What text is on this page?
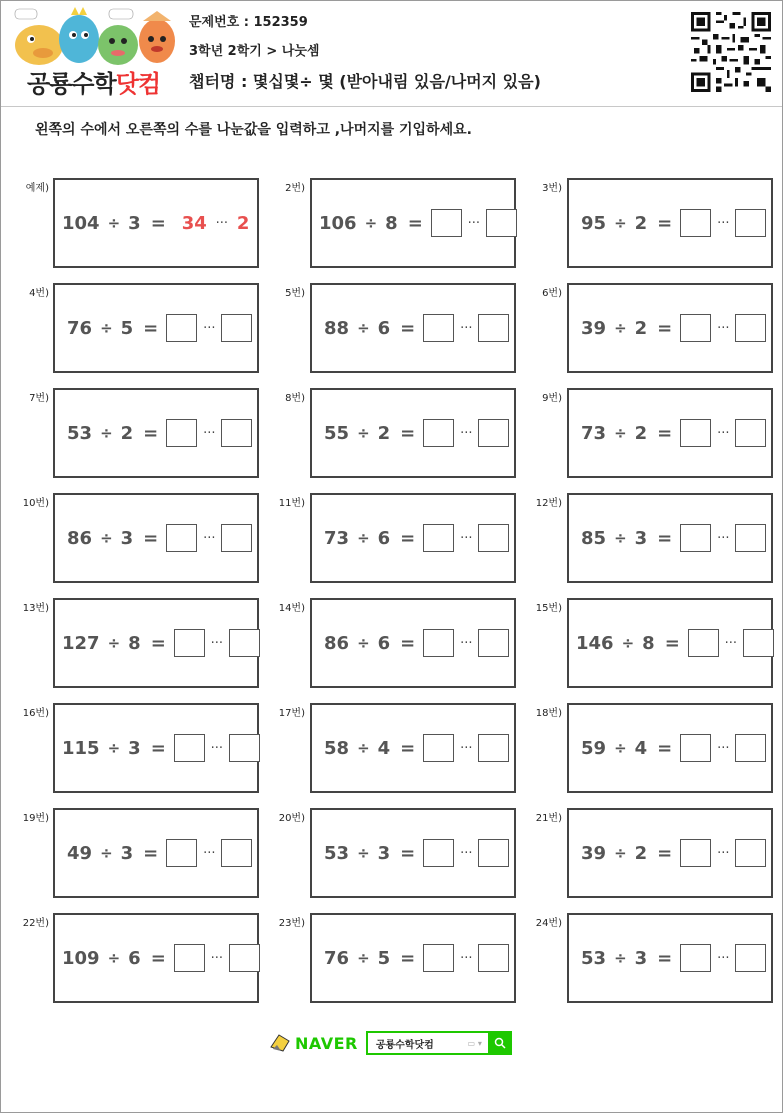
공룡수학닷컴
문제번호 : 152359
3학년 2학기 > 나눗셈
챕터명 : 몇십몇÷ 몇 (받아내림 있음/나머지 있음)
왼쪽의 수에서 오른쪽의 수를 나눈값을 입력하고 ,나머지를 기입하세요.
예제)
104 ÷ 3 = 34 ··· 2
2번)
106 ÷ 8 =	···
3번)
95 ÷ 2 =	···
4번)
76 ÷ 5 =	···
5번)
88 ÷ 6 =	···
6번)
39 ÷ 2 =	···
7번)
53 ÷ 2 =	···
8번)
55 ÷ 2 =	···
9번)
73 ÷ 2 =	···
10번)
86 ÷ 3 =	···
11번)
73 ÷ 6 =	···
12번)
85 ÷ 3 =	···
13번)
127 ÷ 8 =	···
14번)
86 ÷ 6 =	···
15번)
146 ÷ 8 =	···
16번)
115 ÷ 3 =	···
17번)
58 ÷ 4 =	···
18번)
59 ÷ 4 =	···
19번)
49 ÷ 3 =	···
20번)
53 ÷ 3 =	···
21번)
39 ÷ 2 =	···
22번)
109 ÷ 6 =	···
23번)
76 ÷ 5 =	···
24번)
53 ÷ 3 =	···
NAVER 공룡수학닷컴	▭ ▾
